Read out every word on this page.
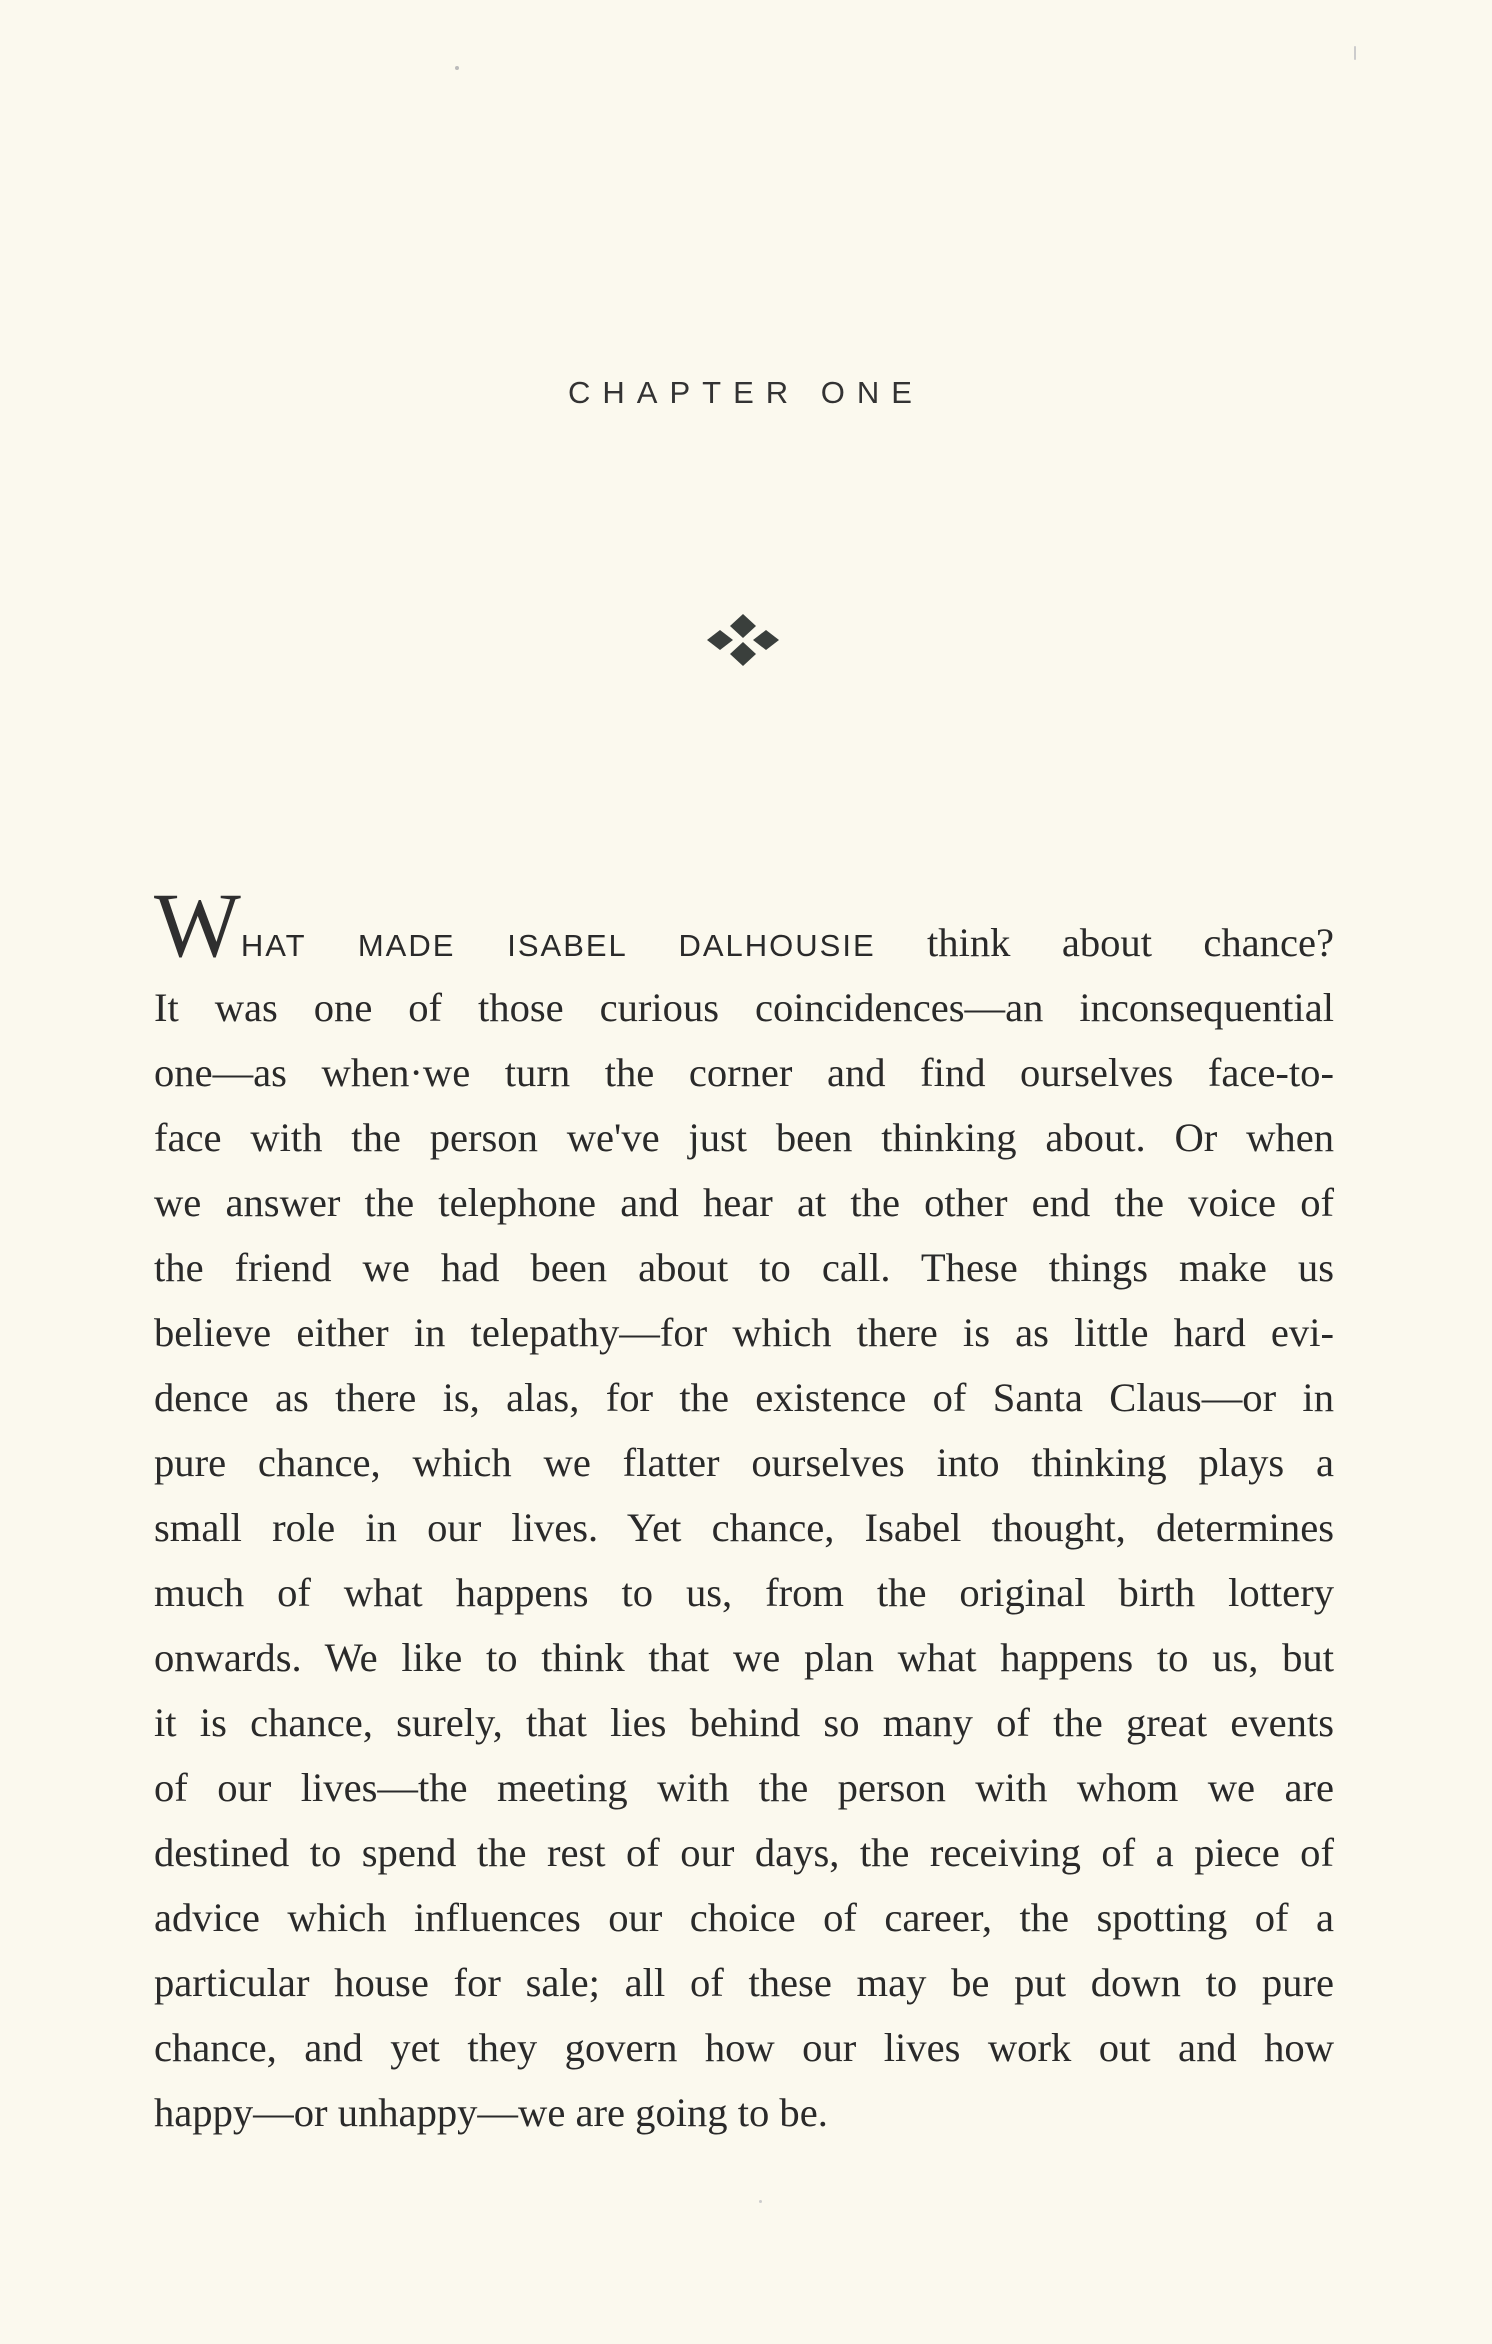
CHAPTER ONE
WHAT MADE ISABEL DALHOUSIE think about chance?
It was one of those curious coincidences—an inconsequential
one—as when·we turn the corner and find ourselves face-to-
face with the person we've just been thinking about. Or when
we answer the telephone and hear at the other end the voice of
the friend we had been about to call. These things make us
believe either in telepathy—for which there is as little hard evi-
dence as there is, alas, for the existence of Santa Claus—or in
pure chance, which we flatter ourselves into thinking plays a
small role in our lives. Yet chance, Isabel thought, determines
much of what happens to us, from the original birth lottery
onwards. We like to think that we plan what happens to us, but
it is chance, surely, that lies behind so many of the great events
of our lives—the meeting with the person with whom we are
destined to spend the rest of our days, the receiving of a piece of
advice which influences our choice of career, the spotting of a
particular house for sale; all of these may be put down to pure
chance, and yet they govern how our lives work out and how
happy—or unhappy—we are going to be.
